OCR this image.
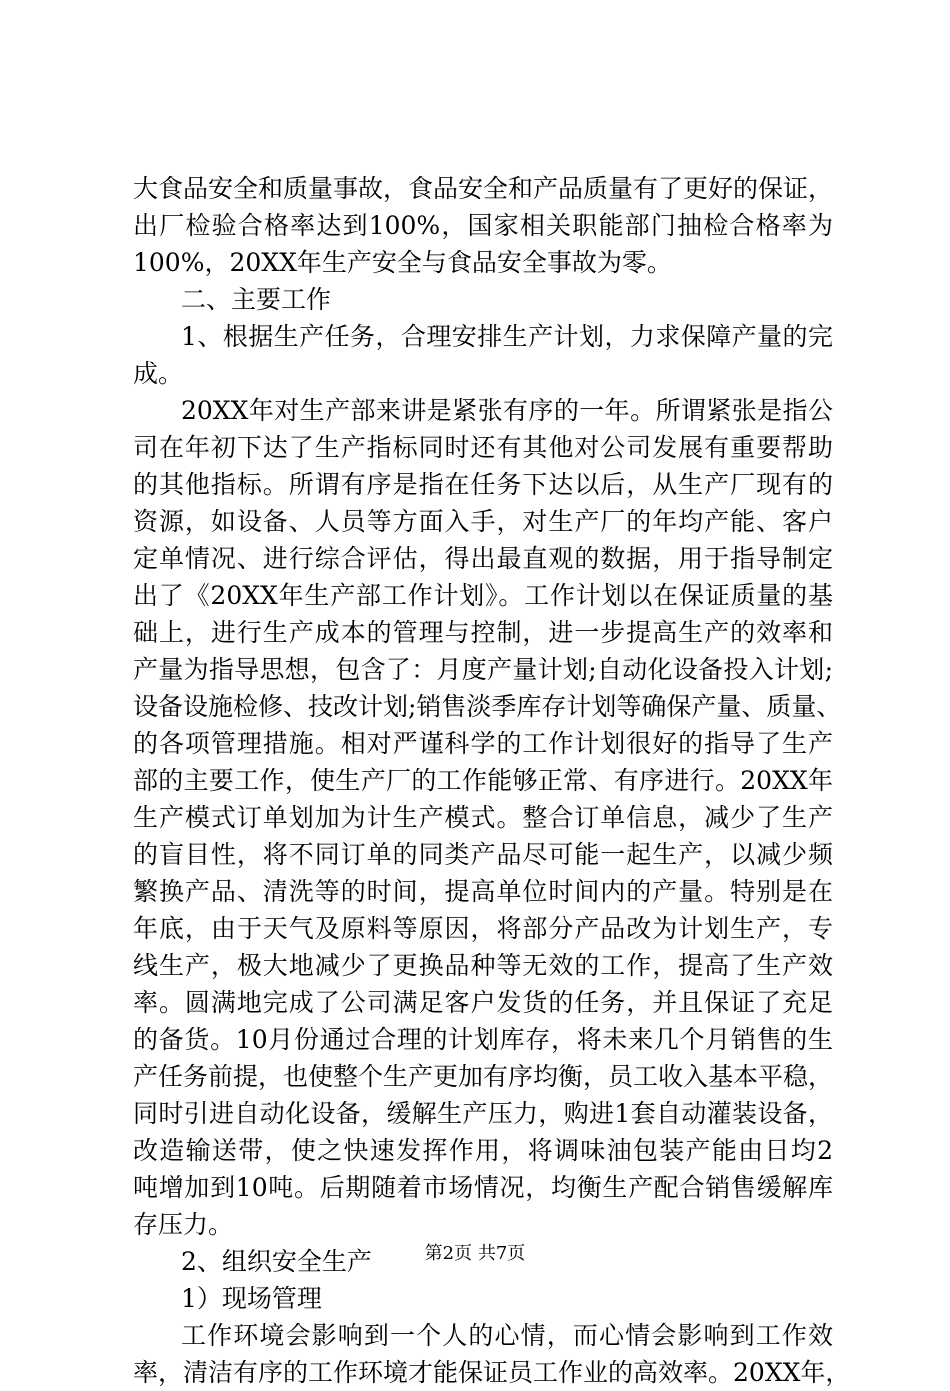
大食品安全和质量事故，食品安全和产品质量有了更好的保证，
出厂检验合格率达到100%，国家相关职能部门抽检合格率为
100%，20XX年生产安全与食品安全事故为零。
二、主要工作
1、根据生产任务，合理安排生产计划，力求保障产量的完
成。
20XX年对生产部来讲是紧张有序的一年。所谓紧张是指公
司在年初下达了生产指标同时还有其他对公司发展有重要帮助
的其他指标。所谓有序是指在任务下达以后，从生产厂现有的
资源，如设备、人员等方面入手，对生产厂的年均产能、客户
定单情况、进行综合评估，得出最直观的数据，用于指导制定
出了《20XX年生产部工作计划》。工作计划以在保证质量的基
础上，进行生产成本的管理与控制，进一步提高生产的效率和
产量为指导思想，包含了：月度产量计划;自动化设备投入计划;
设备设施检修、技改计划;销售淡季库存计划等确保产量、质量、
的各项管理措施。相对严谨科学的工作计划很好的指导了生产
部的主要工作，使生产厂的工作能够正常、有序进行。20XX年
生产模式订单划加为计生产模式。整合订单信息，减少了生产
的盲目性，将不同订单的同类产品尽可能一起生产，以减少频
繁换产品、清洗等的时间，提高单位时间内的产量。特别是在
年底，由于天气及原料等原因，将部分产品改为计划生产，专
线生产，极大地减少了更换品种等无效的工作，提高了生产效
率。圆满地完成了公司满足客户发货的任务，并且保证了充足
的备货。10月份通过合理的计划库存，将未来几个月销售的生
产任务前提，也使整个生产更加有序均衡，员工收入基本平稳，
同时引进自动化设备，缓解生产压力，购进1套自动灌装设备，
改造输送带，使之快速发挥作用，将调味油包装产能由日均2
吨增加到10吨。后期随着市场情况，均衡生产配合销售缓解库
存压力。
2、组织安全生产
1）现场管理
工作环境会影响到一个人的心情，而心情会影响到工作效
率，清洁有序的工作环境才能保证员工作业的高效率。20XX年，
第2页 共7页
